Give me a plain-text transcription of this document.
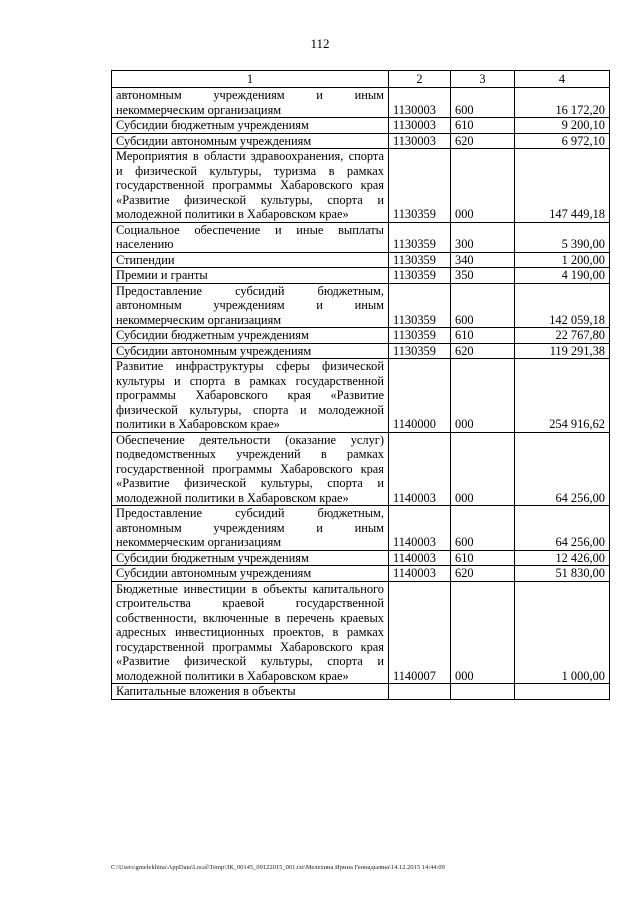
112
1	2	3	4
автономным учреждениям и иным некоммерческим организациям	1130003	600	16 172,20
Субсидии бюджетным учреждениям	1130003	610	9 200,10
Субсидии автономным учреждениям	1130003	620	6 972,10
Мероприятия в области здравоохранения, спорта и физической культуры, туризма в рамках государственной программы Хабаровского края «Развитие физической культуры, спорта и молодежной политики в Хабаровском крае»	1130359	000	147 449,18
Социальное обеспечение и иные выплаты населению	1130359	300	5 390,00
Стипендии	1130359	340	1 200,00
Премии и гранты	1130359	350	4 190,00
Предоставление субсидий бюджетным, автономным учреждениям и иным некоммерческим организациям	1130359	600	142 059,18
Субсидии бюджетным учреждениям	1130359	610	22 767,80
Субсидии автономным учреждениям	1130359	620	119 291,38
Развитие инфраструктуры сферы физической культуры и спорта в рамках государственной программы Хабаровского края «Развитие физической культуры, спорта и молодежной политики в Хабаровском крае»	1140000	000	254 916,62
Обеспечение деятельности (оказание услуг) подведомственных учреждений в рамках государственной программы Хабаровского края «Развитие физической культуры, спорта и молодежной политики в Хабаровском крае»	1140003	000	64 256,00
Предоставление субсидий бюджетным, автономным учреждениям и иным некоммерческим организациям	1140003	600	64 256,00
Субсидии бюджетным учреждениям	1140003	610	12 426,00
Субсидии автономным учреждениям	1140003	620	51 830,00
Бюджетные инвестиции в объекты капитального строительства краевой государственной собственности, включенные в перечень краевых адресных инвестиционных проектов, в рамках государственной программы Хабаровского края «Развитие физической культуры, спорта и молодежной политики в Хабаровском крае»	1140007	000	1 000,00
Капитальные вложения в объекты			
C:\Users\gmelekhina\AppData\Local\Temp\ЗК_00145_09122015_001.txt\Мелехина Ирина Геннадьевна\14.12.2015 14:44:09
